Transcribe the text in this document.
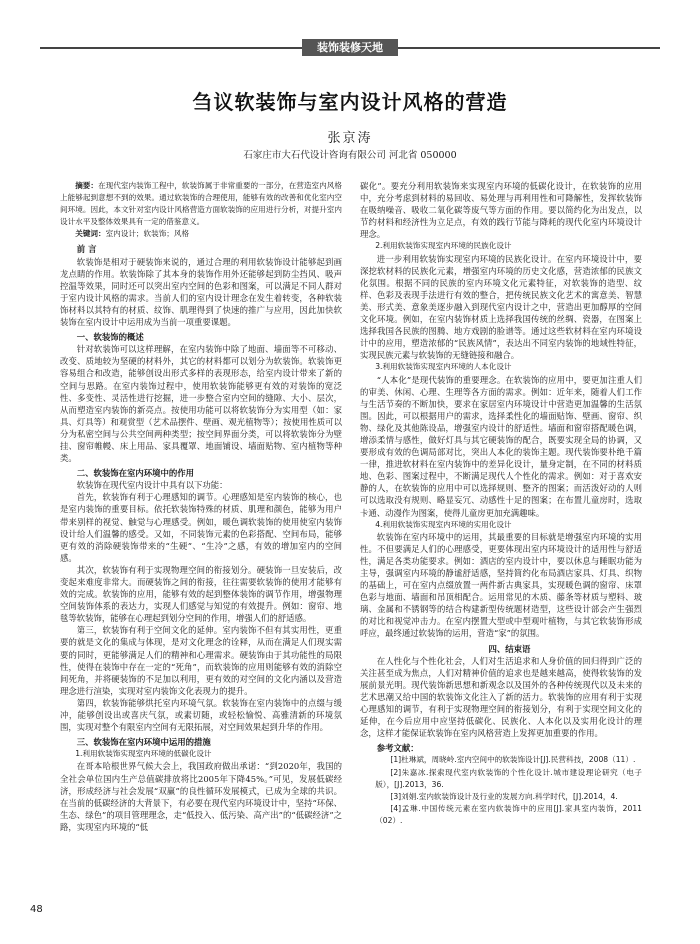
装饰装修天地
刍议软装饰与室内设计风格的营造
张京涛
石家庄市大石代设计咨询有限公司 河北省 050000

摘要：在现代室内装饰工程中，软装饰属于非常重要的一部分，在营造室内风格上能够起到意想不到的效果。通过软装饰的合理使用，能够有效的改善和优化室内空间环境。因此，本文针对室内设计风格营造方面软装饰的应用进行分析，对提升室内设计水平及整体效果具有一定的借鉴意义。

关键词：室内设计；软装饰；风格

前 言

软装饰是相对于硬装饰来说的，通过合理的利用软装饰设计能够起到画龙点睛的作用。软装饰除了其本身的装饰作用外还能够起到防尘挡风、吸声控温等效果，同时还可以突出室内空间的色彩和图案，可以满足不同人群对于室内设计风格的需求。当前人们的室内设计理念在发生着转变，各种软装饰材料以其特有的材质、纹饰、肌理得到了快速的推广与应用，因此加快软装饰在室内设计中运用成为当前一项重要课题。

一、软装饰的概述

针对软装饰可以这样理解，在室内装饰中除了地面、墙面等不可移动、改变、质地较为坚硬的材料外，其它的材料都可以划分为软装饰。软装饰更容易组合和改造，能够创设出形式多样的表现形态，给室内设计带来了新的空间与思路。在室内装饰过程中，使用软装饰能够更有效的对装饰的宽泛性、多变性、灵活性进行挖掘，进一步整合室内空间的缝隙、大小、层次，从而塑造室内装饰的新亮点。按使用功能可以将软装饰分为实用型（如：家具、灯具等）和观赏型（艺术品摆件、壁画、观光植物等）；按使用性质可以分为私密空间与公共空间两种类型；按空间界面分类，可以将软装饰分为壁挂、窗帘帷幔、床上用品、家具覆罩、地面铺设、墙面贴物、室内植物等种类。

二、软装饰在室内环境中的作用

软装饰在现代室内设计中具有以下功能：

首先，软装饰有利于心理感知的调节。心理感知是室内装饰的核心，也是室内装饰的重要目标。依托软装饰特殊的材质、肌理和颜色，能够为用户带来别样的视觉、触觉与心理感受。例如，暖色调软装饰的使用使室内装饰设计给人们温馨的感受。又如，不同装饰元素的色彩搭配、空间布局，能够更有效的消除硬装饰带来的“生硬”、“生冷”之感，有效的增加室内的空间感。

其次，软装饰有利于实现物理空间的衔接划分。硬装饰一旦安装后，改变起来难度非常大。而硬装饰之间的衔接，往往需要软装饰的使用才能够有效的完成。软装饰的应用，能够有效的起到整体装饰的调节作用，增强物理空间装饰体系的表达力，实现人们感觉与知觉的有效提升。例如：窗帘、地毯等软装饰，能够在心理起到划分空间的作用，增强人们的舒适感。

第三，软装饰有利于空间文化的延伸。室内装饰不但有其实用性，更重要的就是文化的集成与体现，是对文化理念的诠释，从而在满足人们现实需要的同时，更能够满足人们的精神和心理需求。硬装饰由于其功能性的局限性，使得在装饰中存在一定的“死角”，而软装饰的应用则能够有效的消除空间死角，并将硬装饰的不足加以利用，更有效的对空间的文化内涵以及营造理念进行渲染，实现对室内装饰文化表现力的提升。

第四，软装饰能够烘托室内环境气氛。软装饰在室内装饰中的点缀与缓冲，能够创设出或喜庆气氛，或素切随，或轻松愉悦、高雅清新的环境氛围，实现对整个有限室内空间有无限拓展，对空间效果起到升华的作用。

三、软装饰在室内环境中运用的措施
1.利用软装饰实现室内环境的低碳化设计

在哥本哈根世界气候大会上，我国政府做出承诺：“到2020年，我国的全社会单位国内生产总值碳排放将比2005年下降45%。”可见，发展低碳经济，形成经济与社会发展“双赢”的良性循环发展模式，已成为全球的共识。在当前的低碳经济的大背景下，有必要在现代室内环境设计中，坚持“环保、生态、绿色”的项目管理理念，走“低投入、低污染、高产出”的“低碳经济”之路，实现室内环境的“低

碳化”。要充分利用软装饰来实现室内环境的低碳化设计，在软装饰的应用中，充分考虑到材料的易回收、易处理与再利用性和可降解性，发挥软装饰在吸纳噪音、吸收二氧化碳等废气等方面的作用。要以简约化为出发点，以节约材料和经济性为立足点，有效的践行节能与降耗的现代化室内环境设计理念。

2.利用软装饰实现室内环境的民族化设计

进一步利用软装饰实现室内环境的民族化设计。在室内环境设计中，要深挖软材料的民族化元素，增强室内环境的历史文化感，营造浓郁的民族文化氛围。根据不同的民族的室内环境文化元素特征，对软装饰的造型、纹样、色彩及表现手法进行有效的整合，把传统民族文化艺术的寓意美、智慧美、形式美、意象美逐步融入到现代室内设计之中，营造出更加醇厚的空间文化环境。例如，在室内装饰材质上选择我国传统的丝绸、瓷器，在图案上选择我国各民族的图腾、地方戏剧的脸谱等。通过这些软材料在室内环境设计中的应用，塑造浓郁的“民族风情”，表达出不同室内装饰的地域性特征，实现民族元素与软装饰的无缝链接和融合。

3.利用软装饰实现室内环境的人本化设计

“人本化”是现代装饰的重要理念。在软装饰的应用中，要更加注重人们的审美、休闲、心理、生理等各方面的需求。例如：近年来，随着人们工作与生活节奏的不断加快，要求在家居室内环境设计中营造更加温馨的生活氛围。因此，可以根据用户的需求，选择柔性化的墙面贴饰、壁画、窗帘、织物、绿化及其他陈设品，增强室内设计的舒适性。墙面和窗帘搭配暖色调，增添柔情与感性，做好灯具与其它硬装饰的配合，既要实现全局的协调，又要形成有效的色调局部对比，突出人本化的装饰主题。现代装饰要朴绝千篇一律，推进软材料在室内装饰中的差异化设计，量身定制，在不同的材料质地、色彩、图案过程中，不断满足现代人个性化的需求。例如：对于喜欢安静的人，在软装饰的应用中可以选择规则、整齐的图案；而活泼好动的人则可以选取没有规则、略显妄冗、动感性十足的图案；在布置儿童房时，选取卡通、动漫作为图案，使得儿童房更加充满趣味。

4.利用软装饰实现室内环境的实用化设计

软装饰在室内环境中的运用，其最重要的目标就是增强室内环境的实用性。不但要满足人们的心理感受，更要体现出室内环境设计的适用性与舒适性，满足各类功能要求。例如：酒店的室内设计中，要以休息与睡眠功能为主导，强调室内环境的静谧舒适感，坚持简约化布局酒店家具、灯具、织物的基础上，可在室内点缀放置一两件新古典家具，实现暖色调的窗帘、床罩色彩与地面、墙面和吊顶相配合。运用常见的木质、藤条等材质与塑料、玻璃、金属和不锈钢等的结合构建新型传统题材造型，这些设计部会产生强烈的对比和视觉冲击力。在室内摆置大型或中型观叶植物，与其它软装饰形成呼应，最终通过软装饰的运用，营造“家”的氛围。

四、结束语

在人性化与个性化社会，人们对生活追求和人身价值的回归得到广泛的关注甚至成为焦点，人们对精神价值的追求也是越来越高，使得软装饰的发展前景光明。现代装饰新思想和新观念以及国外的各种传统现代以及未来的艺术思潮又给中国的软装饰文化注入了新的活力。软装饰的应用有利于实现心理感知的调节，有利于实现物理空间的衔接划分，有利于实现空间文化的延伸，在今后应用中应坚持低碳化、民族化、人本化以及实用化设计的理念，这样才能保证软装饰在室内风格营造上发挥更加重要的作用。

参考文献：

[1]杜琳斌，周晓岭.室内空间中的软装饰设计[J].民营科技，2008（11）.

[2]朱嘉冰.探索现代室内软装饰的个性化设计.城市建设理论研究（电子版），[J].2013，36.

[3]刘娟.室内软装饰设计及行业的发展方向.科学时代，[J].2014，4.

[4]孟琳.中国传统元素在室内软装饰中的应用[J].家具室内装饰，2011（02）.

48
